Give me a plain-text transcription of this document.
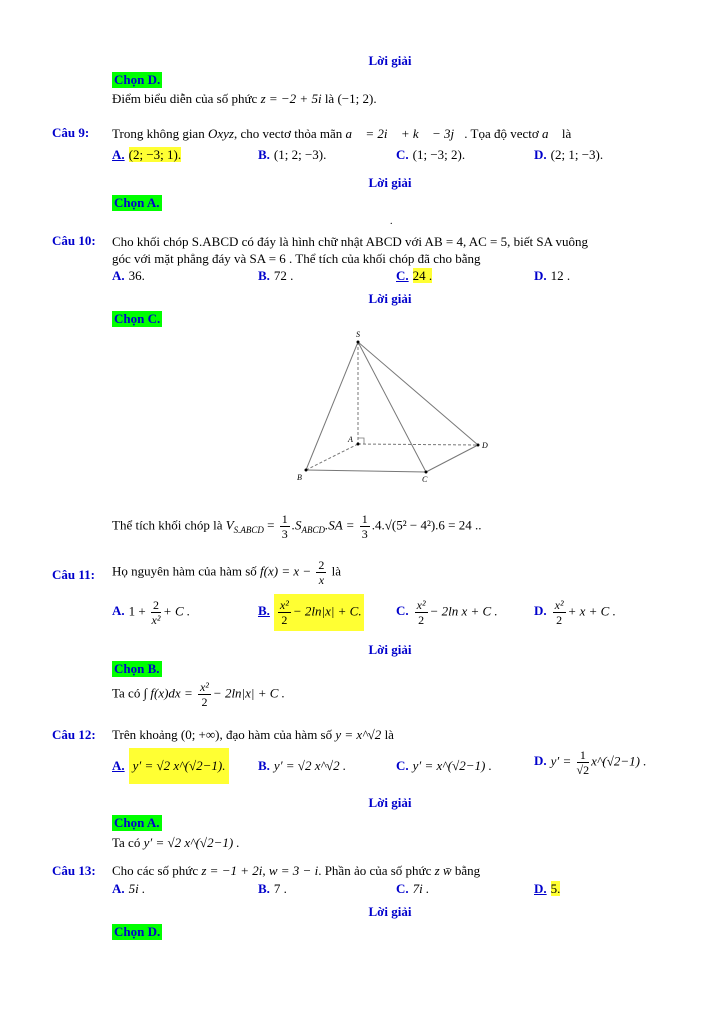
Lời giải
Chọn D.
Điểm biểu diễn của số phức z = −2 + 5i là (−1; 2).
Câu 9: Trong không gian Oxyz, cho vectơ thỏa mãn a⃗ = 2i⃗ + k⃗ − 3j⃗. Tọa độ vectơ a⃗ là
A. (2; −3; 1).	B. (1; 2; −3).	C. (1; −3; 2).	D. (2; 1; −3).
Lời giải
Chọn A.
.
Câu 10: Cho khối chóp S.ABCD có đáy là hình chữ nhật ABCD với AB = 4, AC = 5, biết SA vuông
góc với mặt phẳng đáy và SA = 6 . Thể tích của khối chóp đã cho bằng
A. 36.	B. 72 .	C. 24 .	D. 12 .
Lời giải
Chọn C.
S
A
B	C
D
Thể tích khối chóp là $V_{S.ABCD} = \frac{1}{3} .S_{ABCD}.SA = \frac{1}{3} .4.√(5^2 - 4^2).6 = 24$ ..
Câu 11: Họ nguyên hàm của hàm số $f(x) = x - \frac{2}{x}$ là
A. $1 + \frac{2}{\text{x²}} + C$ .	B. $\frac{\text{x²}}{2} - 2\ln|x| + C$.	C. $\frac{\text{x²}}{2} - 2\ln$ x + C .	D. $\frac{\text{x²}}{2} + x + C$ .
Lời giải
Chọn B.
Ta có ∫ $f(x)dx = \frac{\text{x²}}{2} - 2\ln|x| + C$ .
Câu 12: Trên khoảng (0; +∞), đạo hàm của hàm số y = x^√2 là
A. y′ = √2 x^(√2−1).	B. y′ = √2 x^√2 .	C. y′ = x^(√2−1) .	D. $y' = \frac{1}{√2}$ x^(√2−1) .
Lời giải
Chọn A.
Ta có y′ = √2 x^(√2−1) .
Câu 13: Cho các số phức z = −1 + 2i, w = 3 − i. Phần ảo của số phức z w̄ bằng
A. 5i .	B. 7 .	C. 7i .	D. 5.
Lời giải
Chọn D.
